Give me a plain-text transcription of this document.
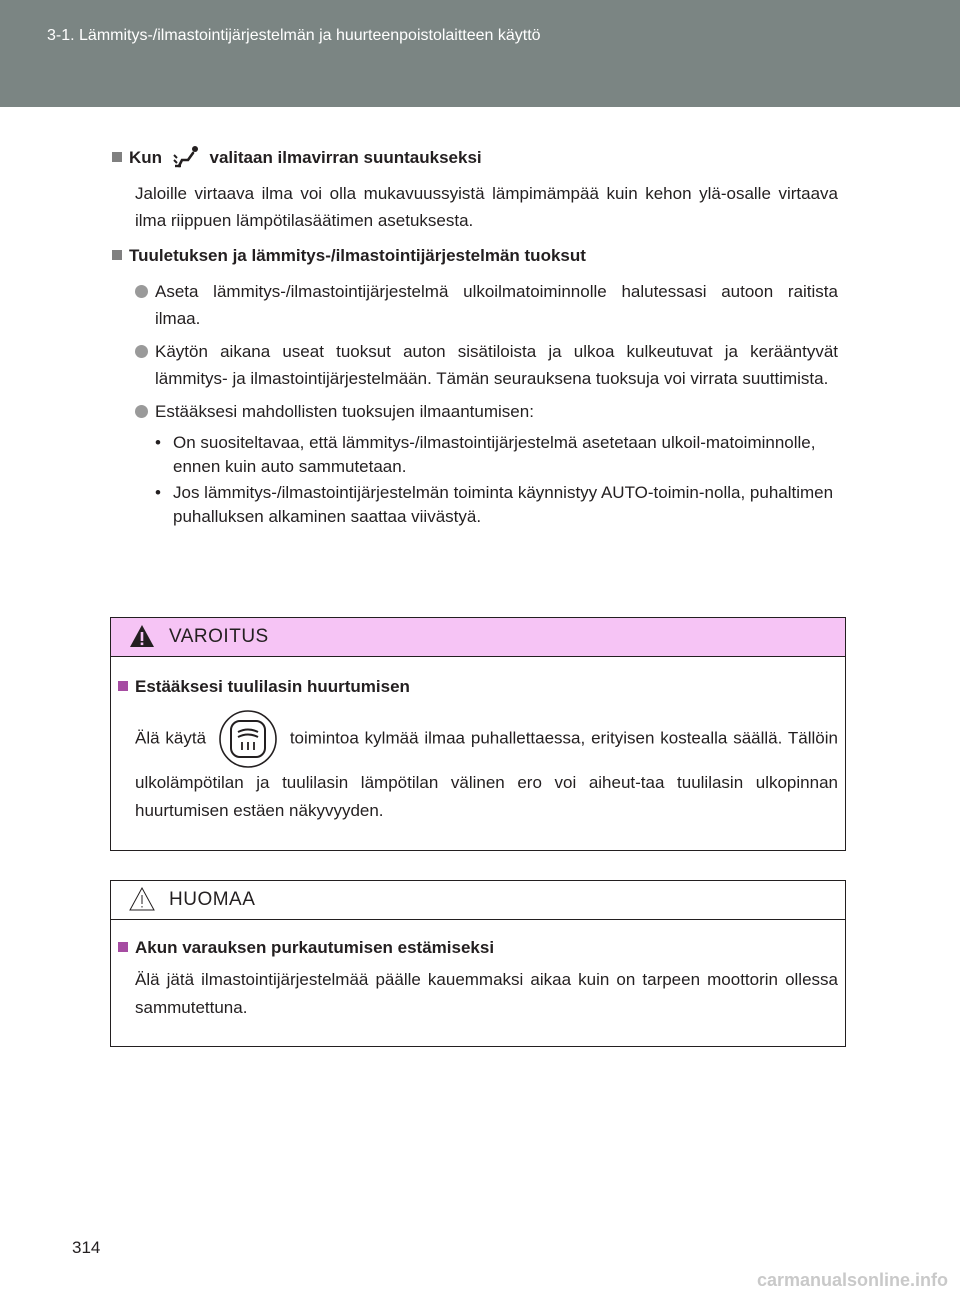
3-1. Lämmitys-/ilmastointijärjestelmän ja huurteenpoistolaitteen käyttö

Kun	valitaan ilmavirran suuntaukseksi

Jaloille virtaava ilma voi olla mukavuussyistä lämpimämpää kuin kehon ylä-osalle virtaava ilma riippuen lämpötilasäätimen asetuksesta.

Tuuletuksen ja lämmitys-/ilmastointijärjestelmän tuoksut

Aseta lämmitys-/ilmastointijärjestelmä ulkoilmatoiminnolle halutessasi autoon raitista ilmaa.

Käytön aikana useat tuoksut auton sisätiloista ja ulkoa kulkeutuvat ja kerääntyvät lämmitys- ja ilmastointijärjestelmään. Tämän seurauksena tuoksuja voi virrata suuttimista.

Estääksesi mahdollisten tuoksujen ilmaantumisen:

• On suositeltavaa, että lämmitys-/ilmastointijärjestelmä asetetaan ulkoil-matoiminnolle, ennen kuin auto sammutetaan.

• Jos lämmitys-/ilmastointijärjestelmän toiminta käynnistyy AUTO-toimin-nolla, puhaltimen puhalluksen alkaminen saattaa viivästyä.

VAROITUS

Estääksesi tuulilasin huurtumisen

Älä käytä	toimintoa kylmää ilmaa puhallettaessa, erityisen kostealla säällä. Tällöin ulkolämpötilan ja tuulilasin lämpötilan välinen ero voi aiheut-taa tuulilasin ulkopinnan huurtumisen estäen näkyvyyden.

HUOMAA

Akun varauksen purkautumisen estämiseksi

Älä jätä ilmastointijärjestelmää päälle kauemmaksi aikaa kuin on tarpeen moottorin ollessa sammutettuna.

314
carmanualsonline.info
